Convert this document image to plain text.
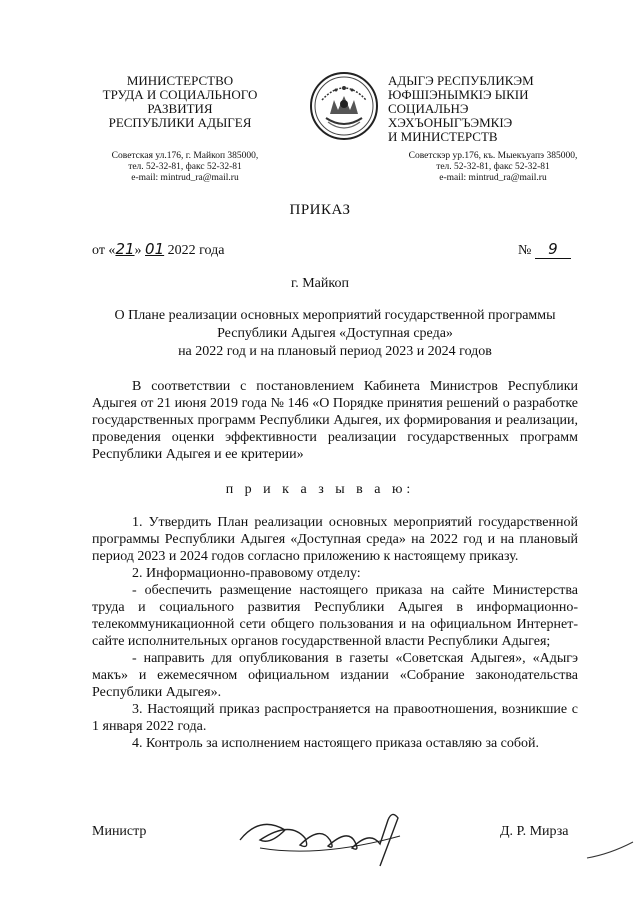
МИНИСТЕРСТВО
ТРУДА И СОЦИАЛЬНОГО
РАЗВИТИЯ
РЕСПУБЛИКИ АДЫГЕЯ
АДЫГЭ РЕСПУБЛИКЭМ
ЮФШIЭНЫМКIЭ ЫКIИ
СОЦИАЛЬНЭ
ХЭХЪОНЫГЪЭМКIЭ
И МИНИСТЕРСТВ
Советская ул.176, г. Майкоп 385000,
тел. 52-32-81, факс 52-32-81
e-mail: mintrud_ra@mail.ru
Советскэр ур.176, къ. Мыекъуапэ 385000,
тел. 52-32-81, факс 52-32-81
e-mail: mintrud_ra@mail.ru
ПРИКАЗ
от «21» 01 2022 года	№ 9
г. Майкоп
О Плане реализации основных мероприятий государственной программы
Республики Адыгея «Доступная среда»
на 2022 год и на плановый период 2023 и 2024 годов
В соответствии с постановлением Кабинета Министров Республики Адыгея от 21 июня 2019 года № 146 «О Порядке принятия решений о разработке государственных программ Республики Адыгея, их формирования и реализации, проведения оценки эффективности реализации государственных программ Республики Адыгея и ее критерии»
п р и к а з ы в а ю:
1. Утвердить План реализации основных мероприятий государственной программы Республики Адыгея «Доступная среда» на 2022 год и на плановый период 2023 и 2024 годов согласно приложению к настоящему приказу.
2. Информационно-правовому отделу:
- обеспечить размещение настоящего приказа на сайте Министерства труда и социального развития Республики Адыгея в информационно-телекоммуникационной сети общего пользования и на официальном Интернет-сайте исполнительных органов государственной власти Республики Адыгея;
- направить для опубликования в газеты «Советская Адыгея», «Адыгэ макъ» и ежемесячном официальном издании «Собрание законодательства Республики Адыгея».
3. Настоящий приказ распространяется на правоотношения, возникшие с 1 января 2022 года.
4. Контроль за исполнением настоящего приказа оставляю за собой.
Министр	Д. Р. Мирза
